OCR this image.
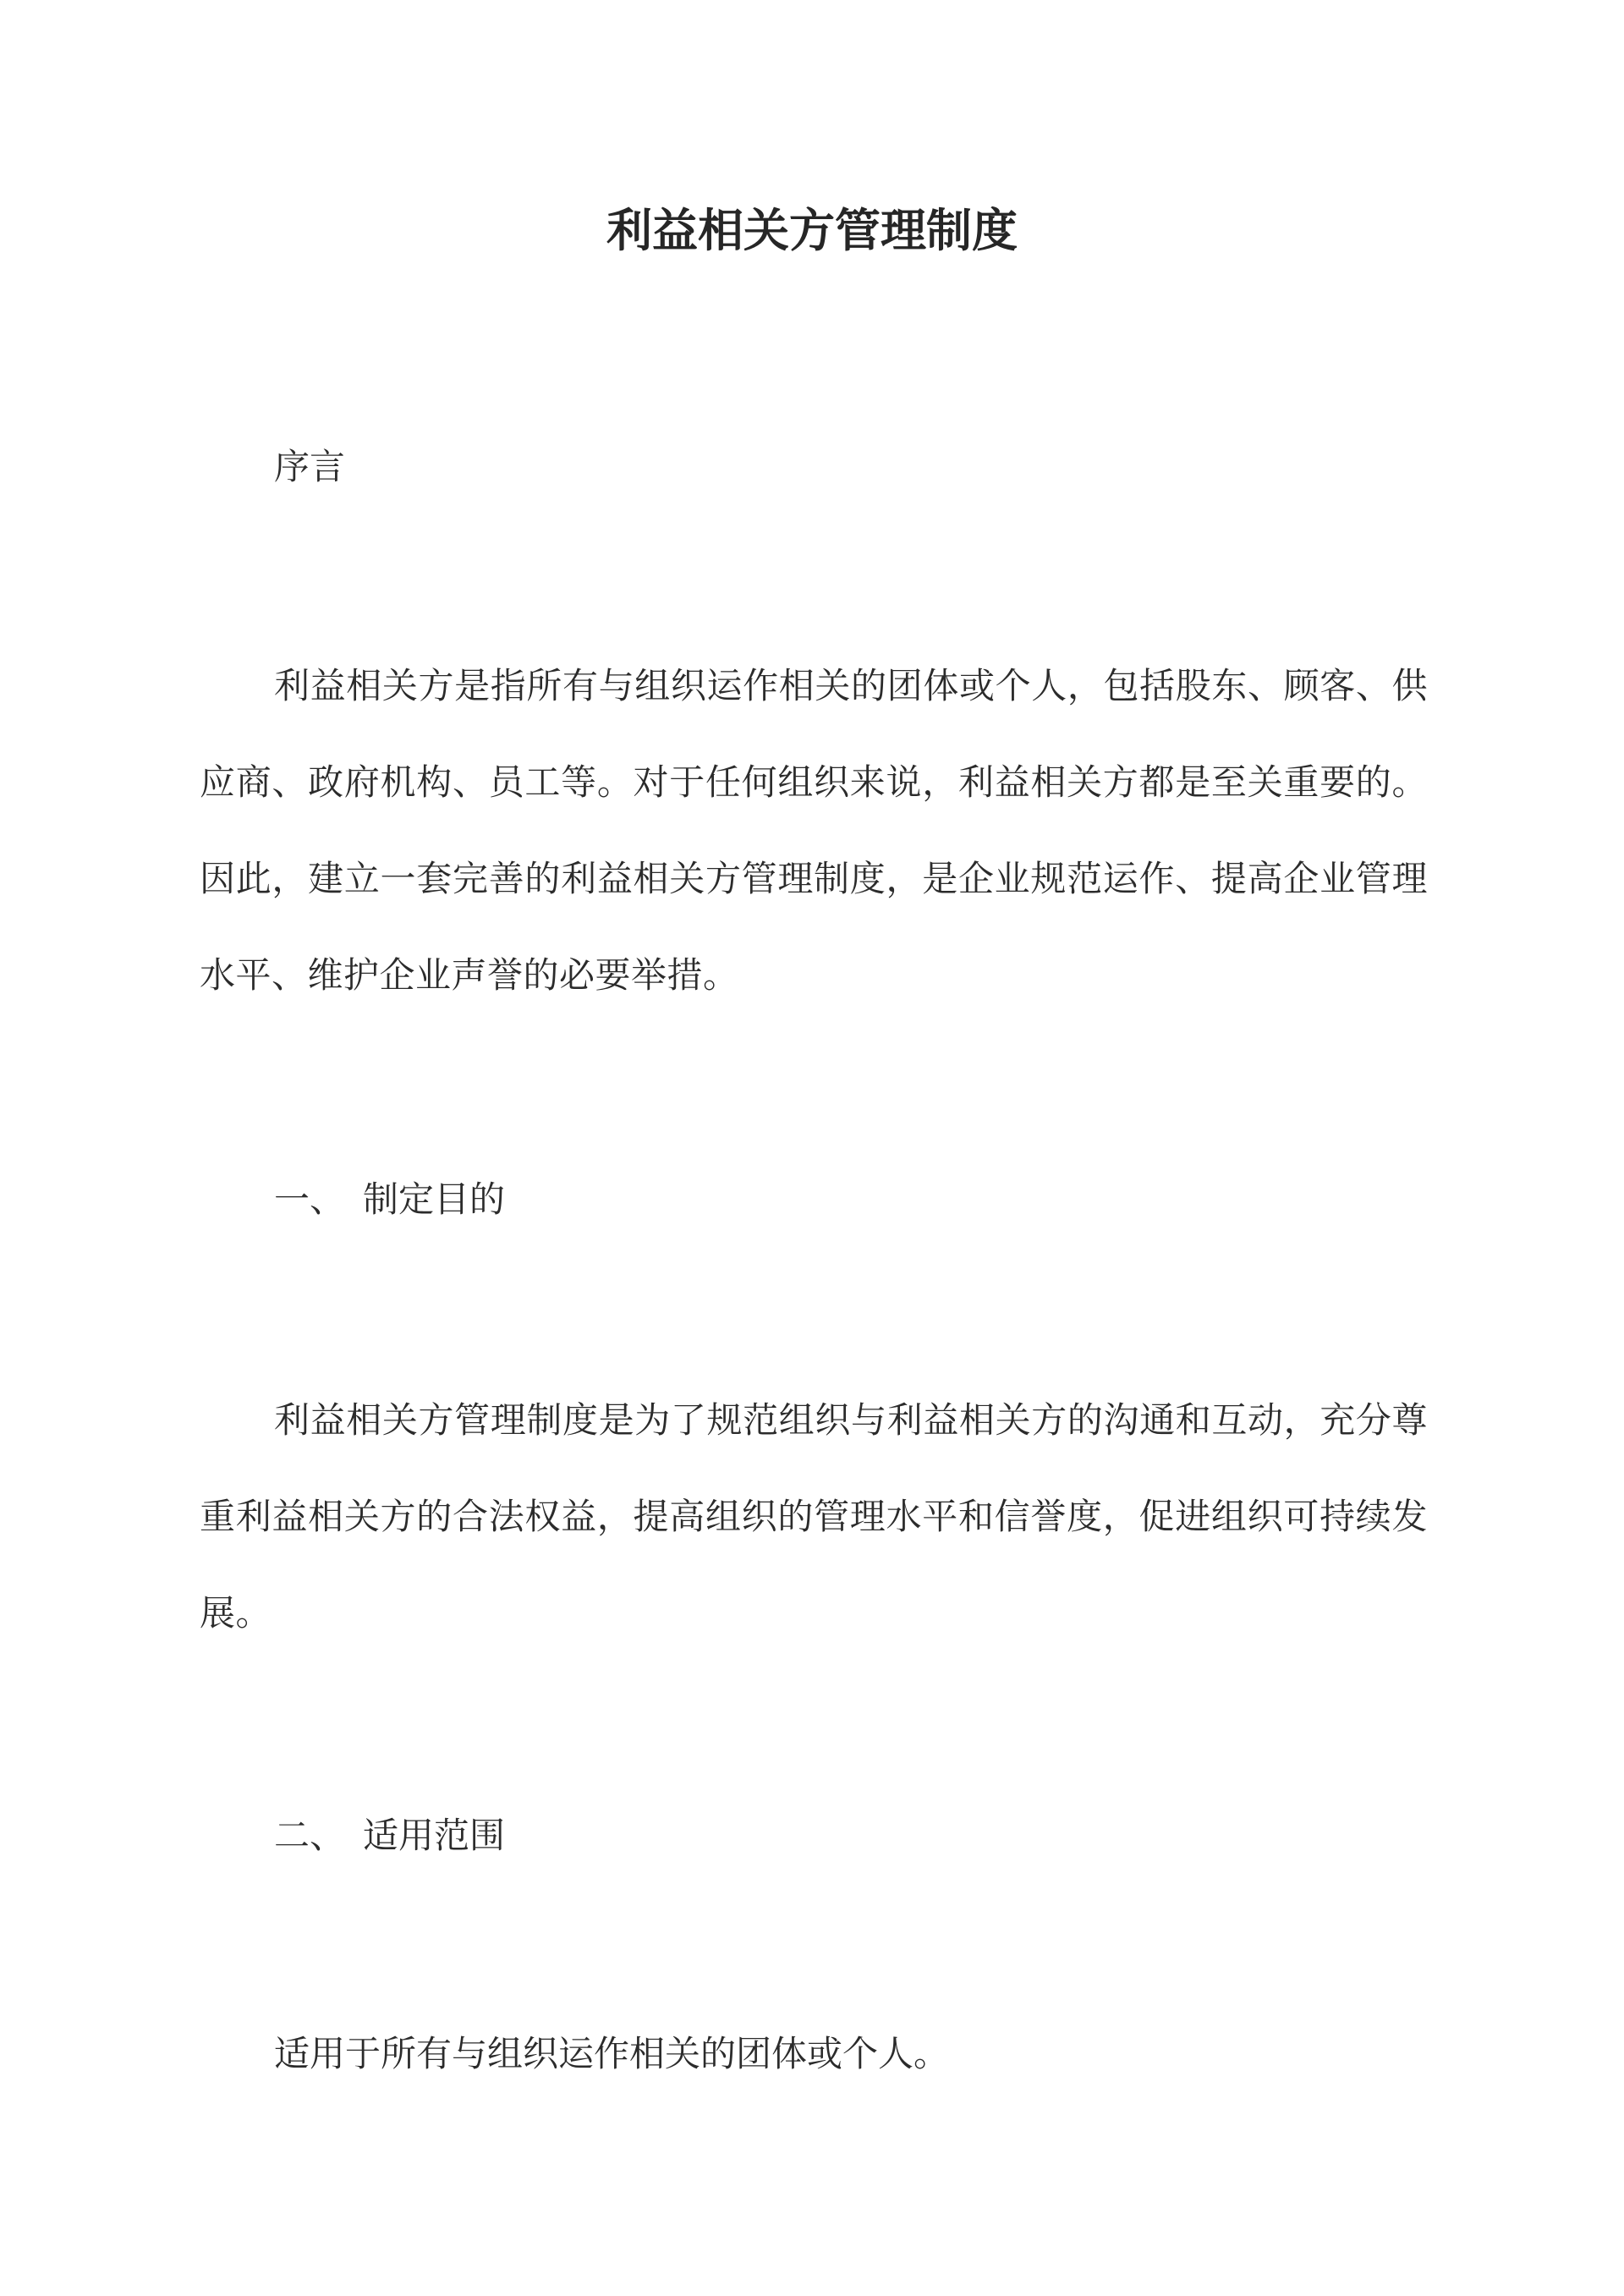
利益相关方管理制度

序言

利益相关方是指所有与组织运作相关的团体或个人，包括股东、顾客、供应商、政府机构、员工等。对于任何组织来说，利益相关方都是至关重要的。因此，建立一套完善的利益相关方管理制度，是企业规范运作、提高企业管理水平、维护企业声誉的必要举措。

一、　制定目的

利益相关方管理制度是为了规范组织与利益相关方的沟通和互动，充分尊重利益相关方的合法权益，提高组织的管理水平和信誉度，促进组织可持续发展。

二、　适用范围

适用于所有与组织运作相关的团体或个人。
